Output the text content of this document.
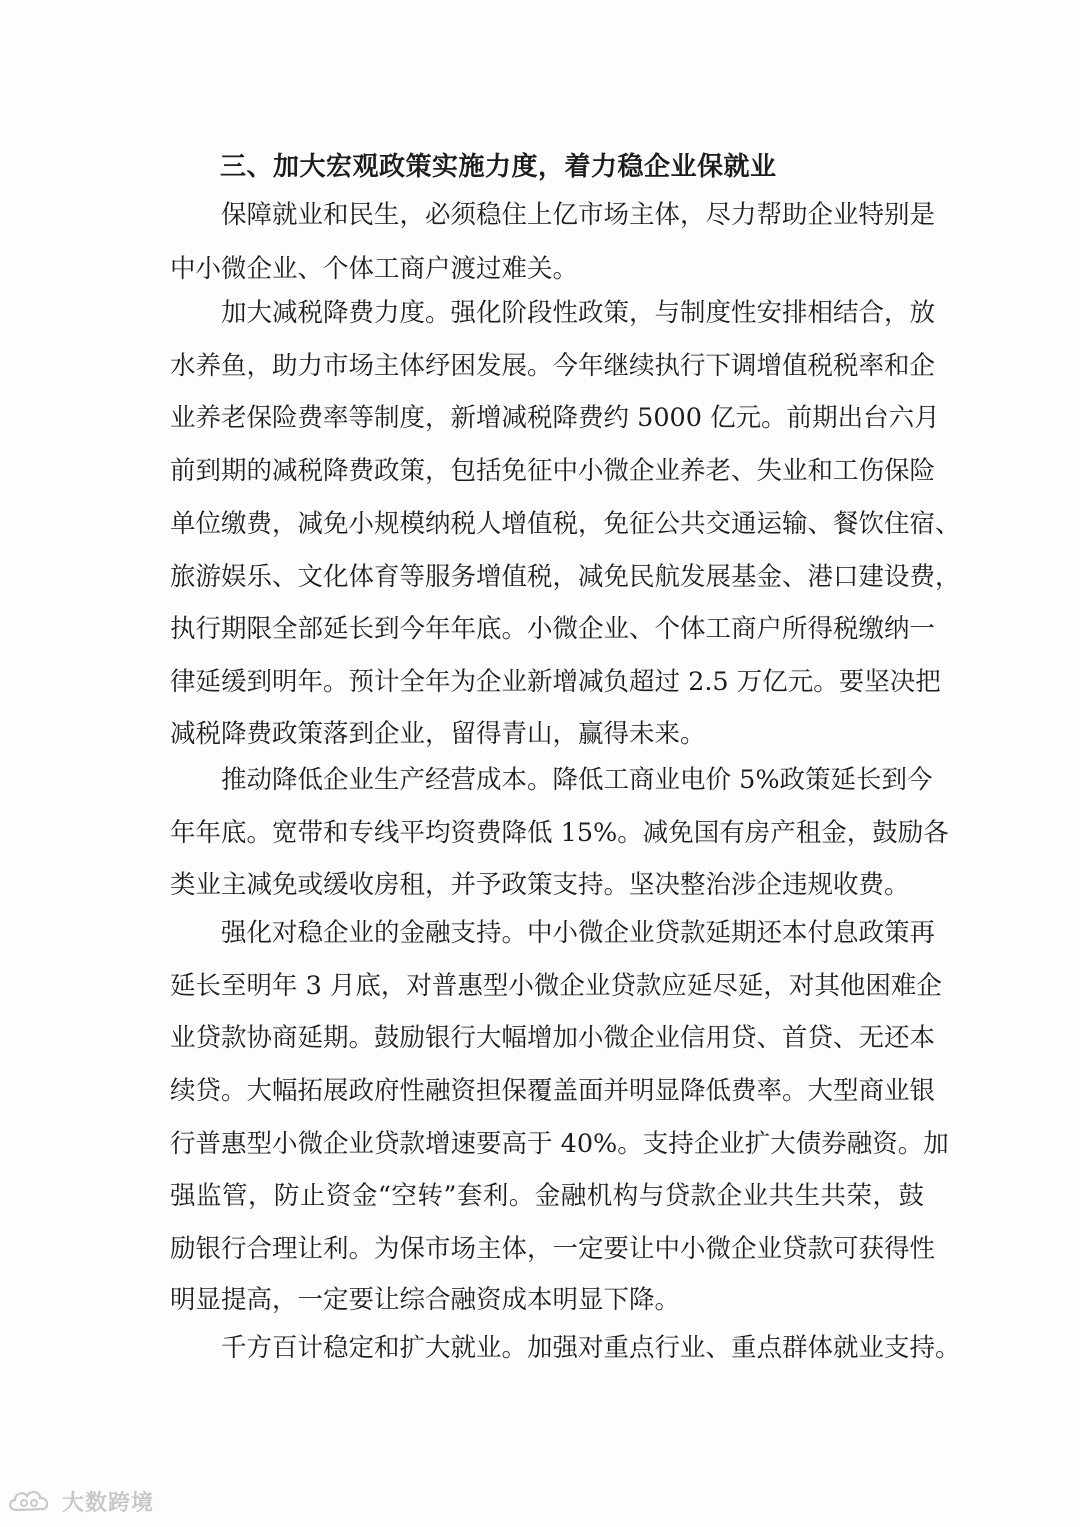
三、加大宏观政策实施力度，着力稳企业保就业

保障就业和民生，必须稳住上亿市场主体，尽力帮助企业特别是

中小微企业、个体工商户渡过难关。

加大减税降费力度。强化阶段性政策，与制度性安排相结合，放

水养鱼，助力市场主体纾困发展。今年继续执行下调增值税税率和企

业养老保险费率等制度，新增减税降费约 5000 亿元。前期出台六月

前到期的减税降费政策，包括免征中小微企业养老、失业和工伤保险

单位缴费，减免小规模纳税人增值税，免征公共交通运输、餐饮住宿、

旅游娱乐、文化体育等服务增值税，减免民航发展基金、港口建设费，

执行期限全部延长到今年年底。小微企业、个体工商户所得税缴纳一

律延缓到明年。预计全年为企业新增减负超过 2.5 万亿元。要坚决把

减税降费政策落到企业，留得青山，赢得未来。

推动降低企业生产经营成本。降低工商业电价 5%政策延长到今

年年底。宽带和专线平均资费降低 15%。减免国有房产租金，鼓励各

类业主减免或缓收房租，并予政策支持。坚决整治涉企违规收费。

强化对稳企业的金融支持。中小微企业贷款延期还本付息政策再

延长至明年 3 月底，对普惠型小微企业贷款应延尽延，对其他困难企

业贷款协商延期。鼓励银行大幅增加小微企业信用贷、首贷、无还本

续贷。大幅拓展政府性融资担保覆盖面并明显降低费率。大型商业银

行普惠型小微企业贷款增速要高于 40%。支持企业扩大债券融资。加

强监管，防止资金“空转”套利。金融机构与贷款企业共生共荣，鼓

励银行合理让利。为保市场主体，一定要让中小微企业贷款可获得性

明显提高，一定要让综合融资成本明显下降。

千方百计稳定和扩大就业。加强对重点行业、重点群体就业支持。

大数跨境
